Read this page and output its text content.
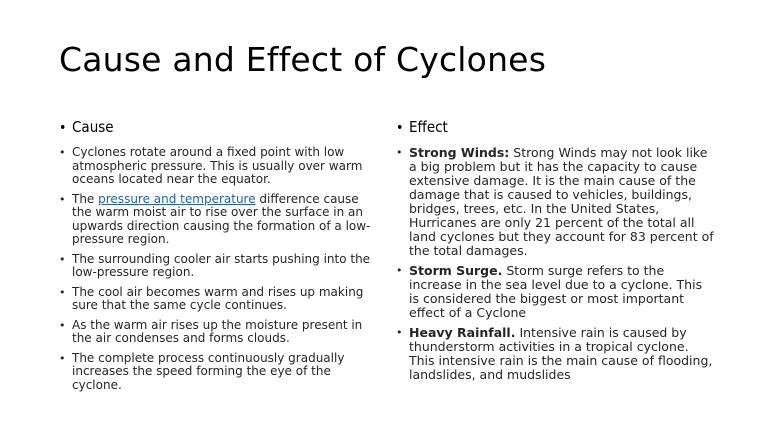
Cause and Effect of Cyclones
• Cause
• Cyclones rotate around a fixed point with low atmospheric pressure. This is usually over warm oceans located near the equator.
• The pressure and temperature difference cause the warm moist air to rise over the surface in an upwards direction causing the formation of a low-pressure region.
• The surrounding cooler air starts pushing into the low-pressure region.
• The cool air becomes warm and rises up making sure that the same cycle continues.
• As the warm air rises up the moisture present in the air condenses and forms clouds.
• The complete process continuously gradually increases the speed forming the eye of the cyclone.
• Effect
• Strong Winds: Strong Winds may not look like a big problem but it has the capacity to cause extensive damage. It is the main cause of the damage that is caused to vehicles, buildings, bridges, trees, etc. In the United States, Hurricanes are only 21 percent of the total all land cyclones but they account for 83 percent of the total damages.
• Storm Surge. Storm surge refers to the increase in the sea level due to a cyclone. This is considered the biggest or most important effect of a Cyclone
• Heavy Rainfall. Intensive rain is caused by thunderstorm activities in a tropical cyclone. This intensive rain is the main cause of flooding, landslides, and mudslides
